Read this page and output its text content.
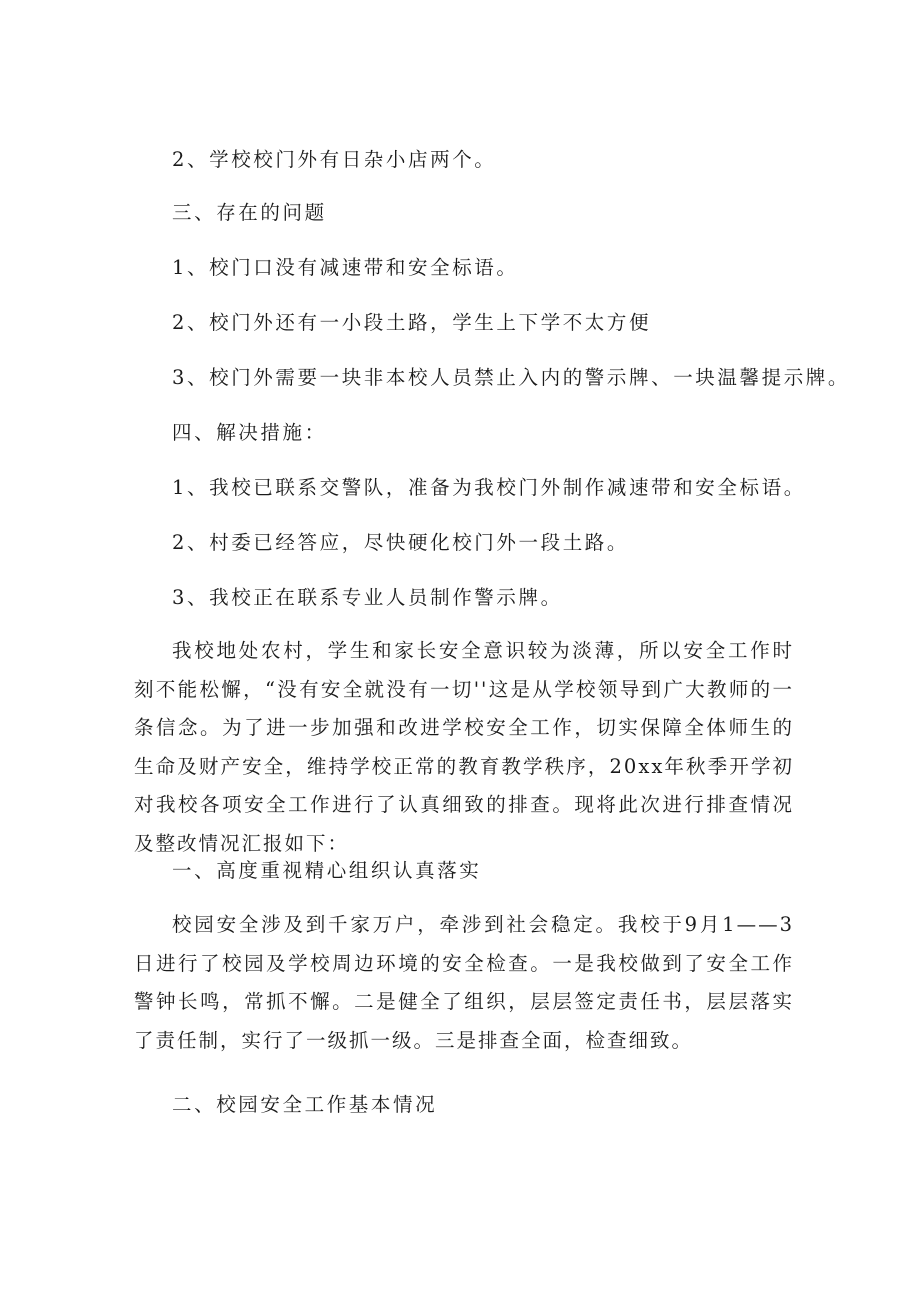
2、学校校门外有日杂小店两个。
三、存在的问题
1、校门口没有减速带和安全标语。
2、校门外还有一小段土路，学生上下学不太方便
3、校门外需要一块非本校人员禁止入内的警示牌、一块温馨提示牌。
四、解决措施：
1、我校已联系交警队，准备为我校门外制作减速带和安全标语。
2、村委已经答应，尽快硬化校门外一段土路。
3、我校正在联系专业人员制作警示牌。
我校地处农村，学生和家长安全意识较为淡薄，所以安全工作时刻不能松懈，“没有安全就没有一切''这是从学校领导到广大教师的一条信念。为了进一步加强和改进学校安全工作，切实保障全体师生的生命及财产安全，维持学校正常的教育教学秩序，20xx年秋季开学初对我校各项安全工作进行了认真细致的排查。现将此次进行排查情况及整改情况汇报如下：
一、高度重视精心组织认真落实
校园安全涉及到千家万户，牵涉到社会稳定。我校于9月1——3日进行了校园及学校周边环境的安全检查。一是我校做到了安全工作警钟长鸣，常抓不懈。二是健全了组织，层层签定责任书，层层落实了责任制，实行了一级抓一级。三是排查全面，检查细致。
二、校园安全工作基本情况
